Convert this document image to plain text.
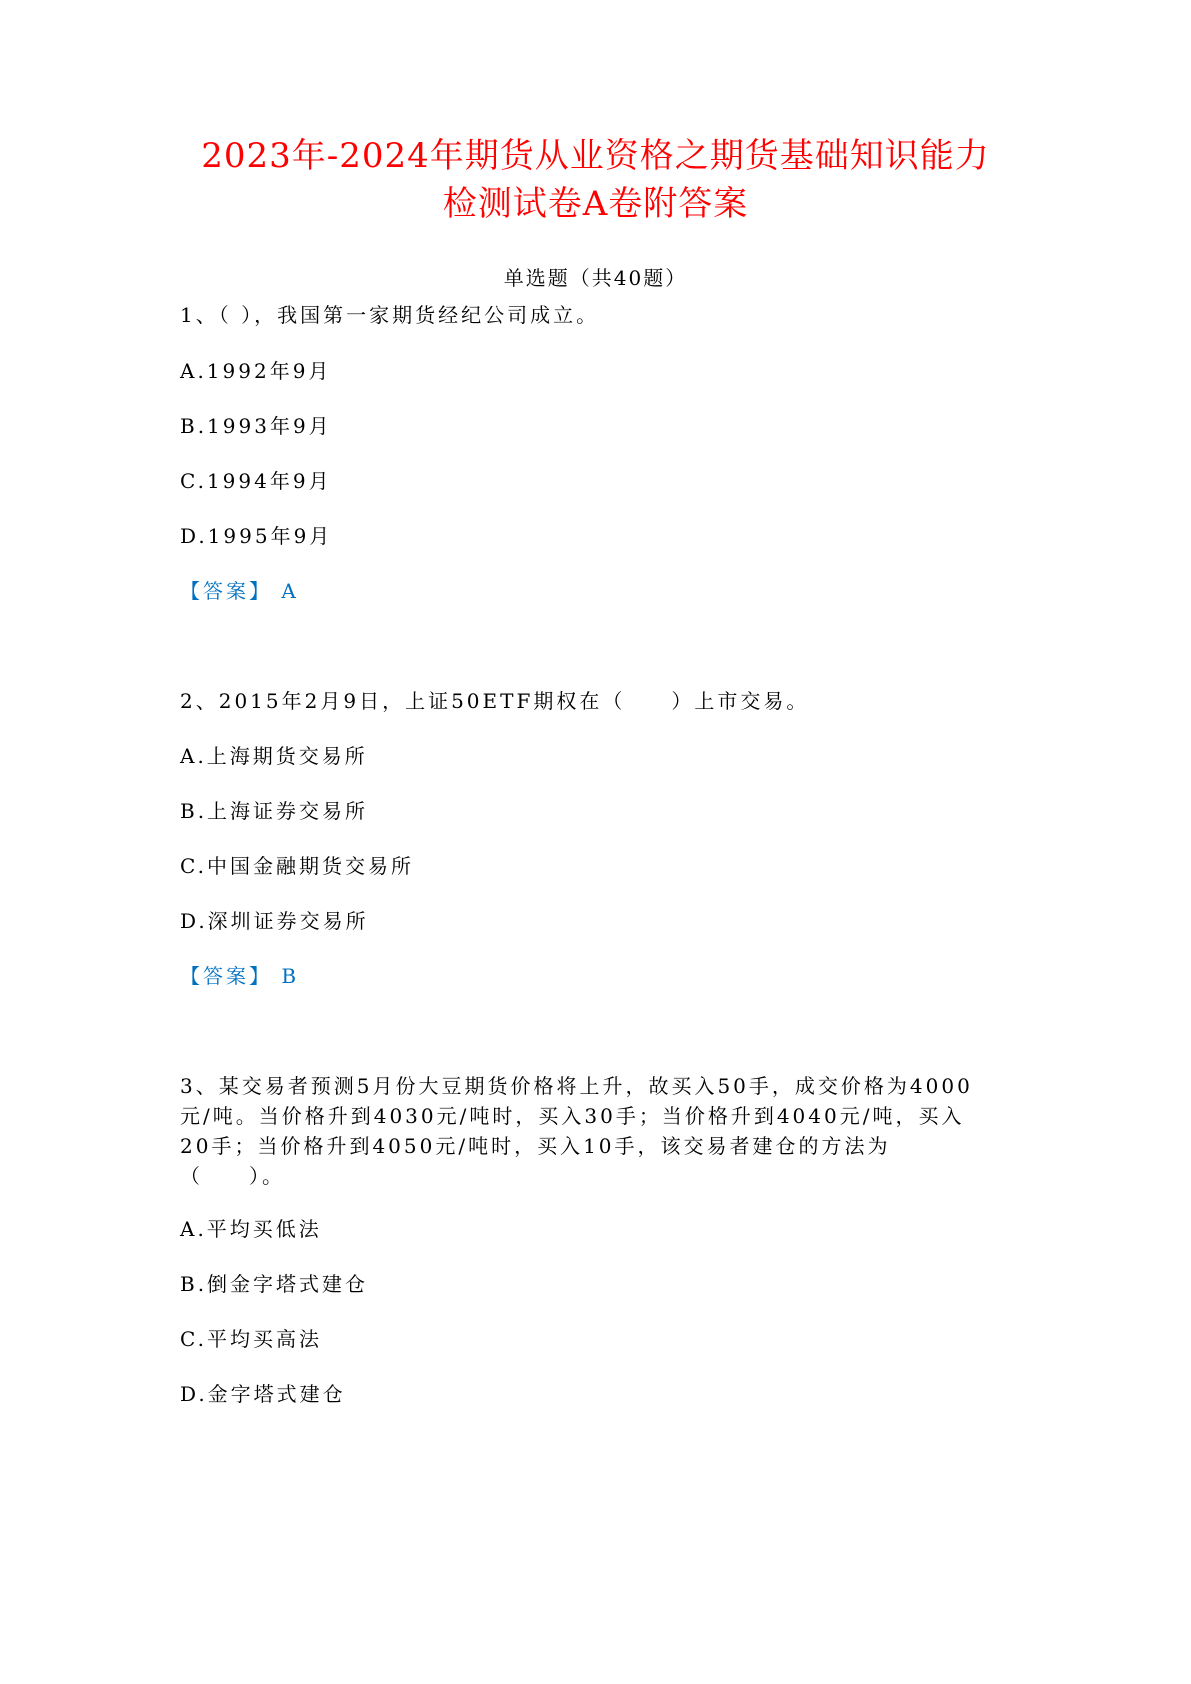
2023年-2024年期货从业资格之期货基础知识能力
检测试卷A卷附答案
单选题（共40题）
1、（ ），我国第一家期货经纪公司成立。
A.1992年9月
B.1993年9月
C.1994年9月
D.1995年9月
【答案】 A
2、2015年2月9日，上证50ETF期权在（　　）上市交易。
A.上海期货交易所
B.上海证券交易所
C.中国金融期货交易所
D.深圳证券交易所
【答案】 B
3、某交易者预测5月份大豆期货价格将上升，故买入50手，成交价格为4000
元/吨。当价格升到4030元/吨时，买入30手；当价格升到4040元/吨，买入
20手；当价格升到4050元/吨时，买入10手，该交易者建仓的方法为
（　　）。
A.平均买低法
B.倒金字塔式建仓
C.平均买高法
D.金字塔式建仓
